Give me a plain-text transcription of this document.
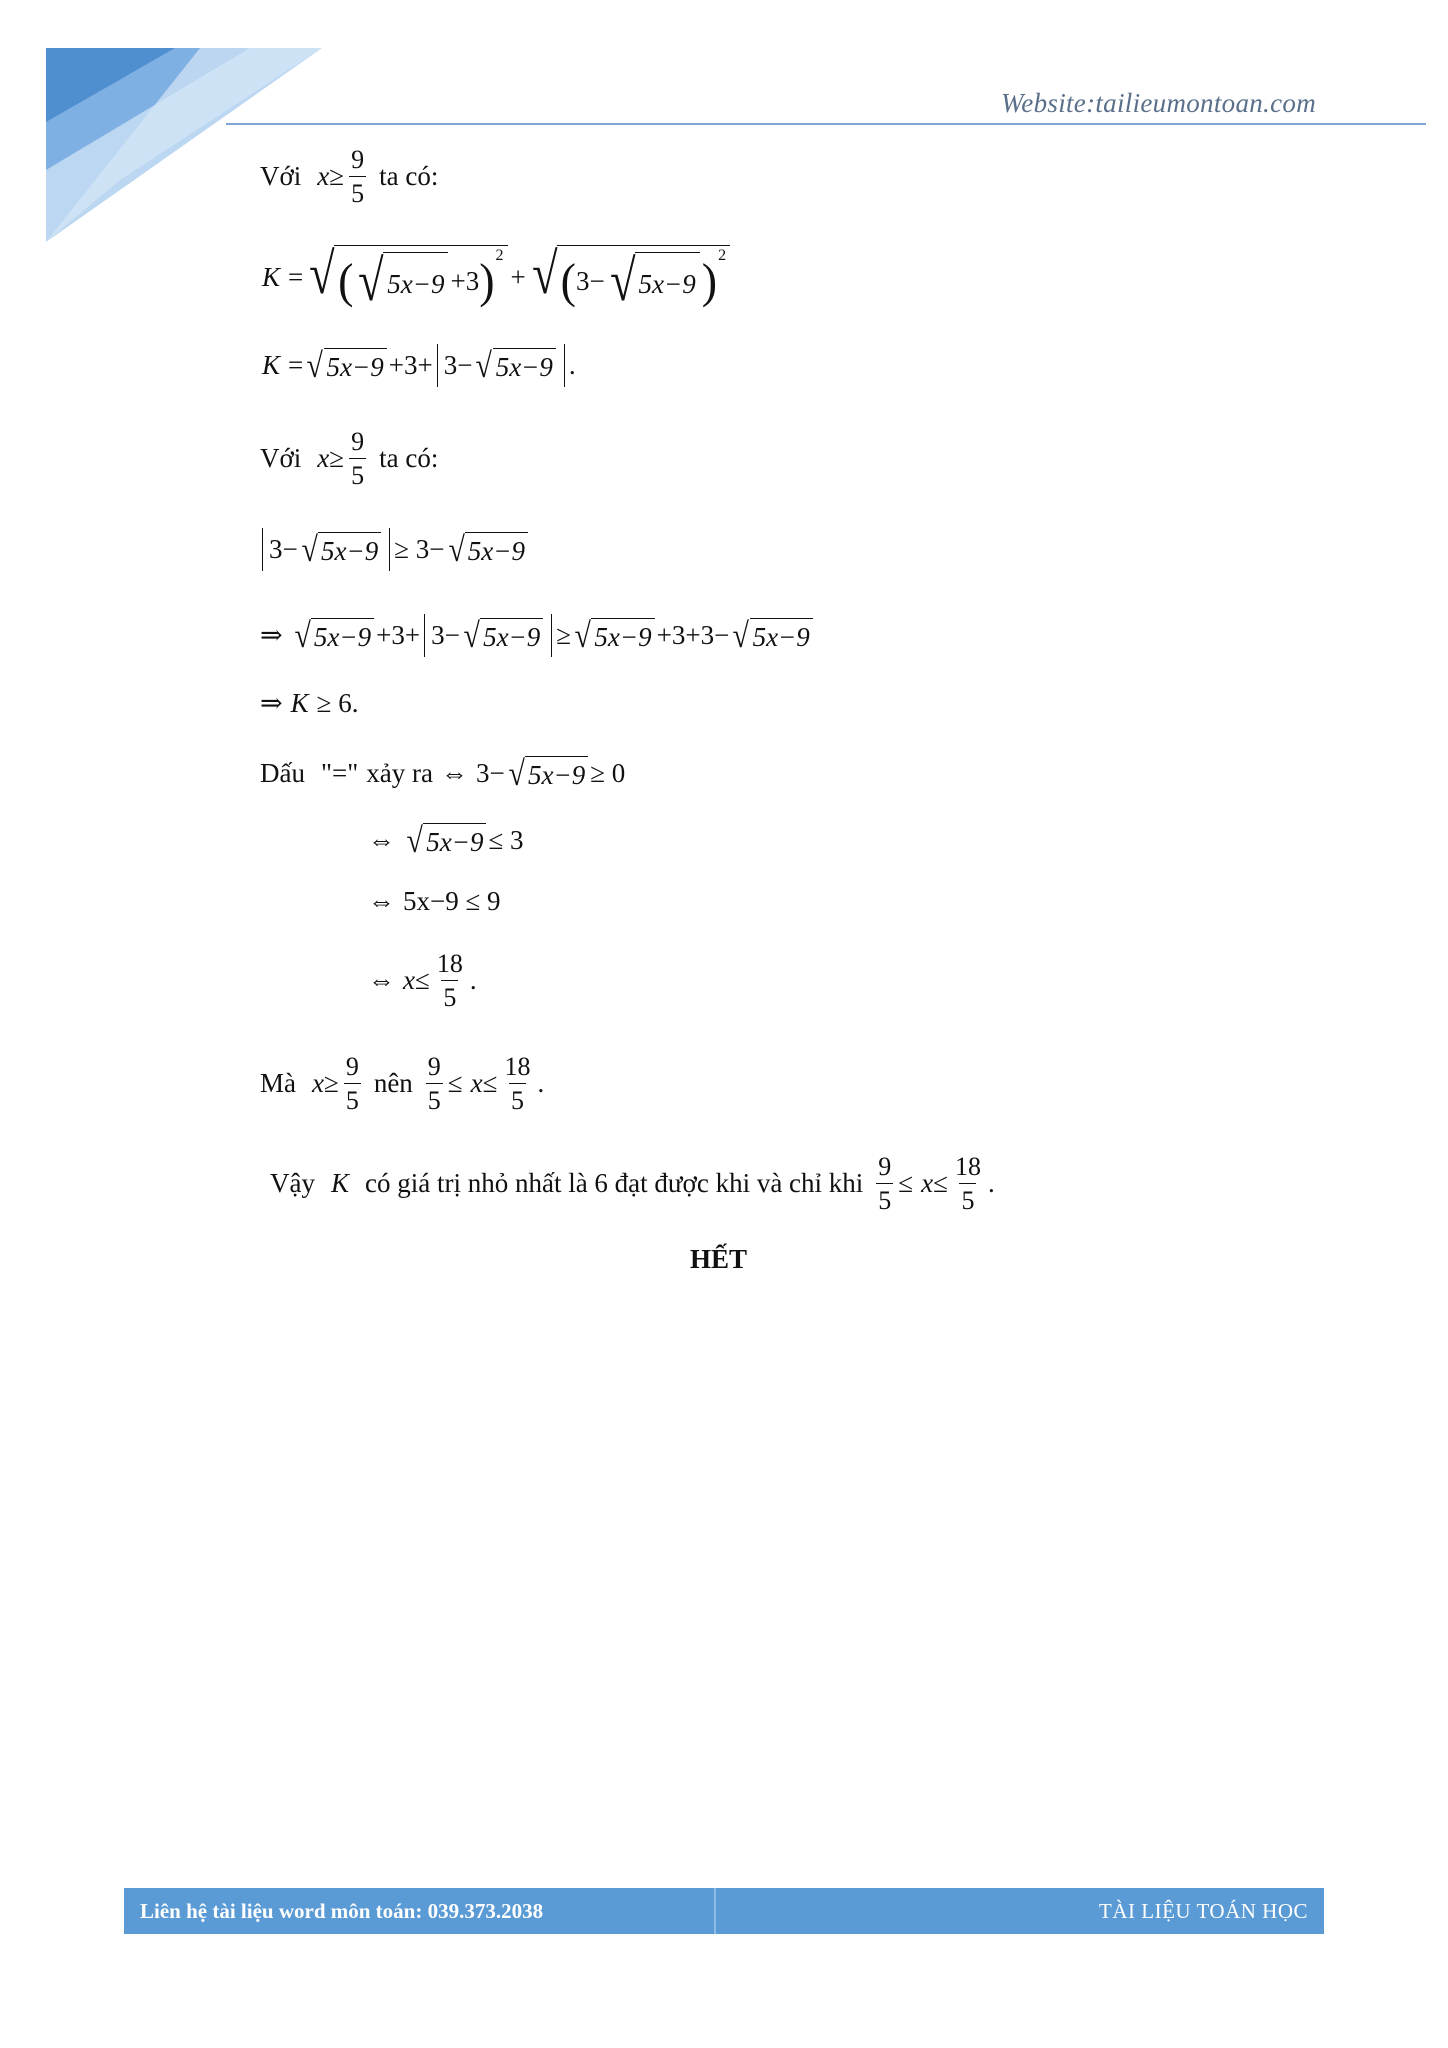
Website:tailieumontoan.com
Với $x \ge \frac{9}{5}$ ta có:
K = √ ( √ 5x−9 +3 ) 2
+ √ ( 3− √ 5x−9 ) 2
K = √ 5x−9 +3+ 3− √ 5x−9 .
Với $x \ge \frac{9}{5}$ ta có:
3− √ 5x−9 ≥ 3− √ 5x−9
⇒ √ 5x−9 +3+ 3− √ 5x−9 ≥ √ 5x−9 +3+3− √ 5x−9
⇒ K ≥ 6.
Dấu "=" xảy ra ⇔ 3− √ 5x−9 ≥ 0
⇔ √ 5x−9 ≤ 3
⇔ 5x−9 ≤ 9
⇔ $x \le \frac{18}{5}$ .
Mà $x \ge \frac{9}{5}$ nên $\frac{9}{5} \le x \le \frac{18}{5}$ .
Vậy K có giá trị nhỏ nhất là 6 đạt được khi và chỉ khi $\frac{9}{5} \le x \le \frac{18}{5}$ .
HẾT
Liên hệ tài liệu word môn toán: 039.373.2038	TÀI LIỆU TOÁN HỌC
